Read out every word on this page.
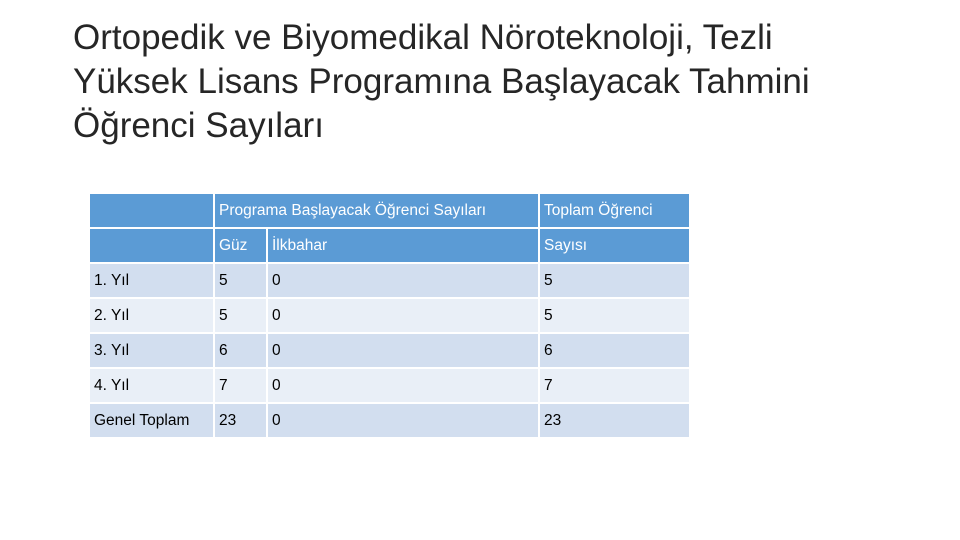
Ortopedik ve Biyomedikal Nöroteknoloji, Tezli
Yüksek Lisans Programına Başlayacak Tahmini
Öğrenci Sayıları
	Programa Başlayacak Öğrenci Sayıları		Toplam Öğrenci
	Güz	İlkbahar	Sayısı
1. Yıl	5	0	5
2. Yıl	5	0	5
3. Yıl	6	0	6
4. Yıl	7	0	7
Genel Toplam	23	0	23
